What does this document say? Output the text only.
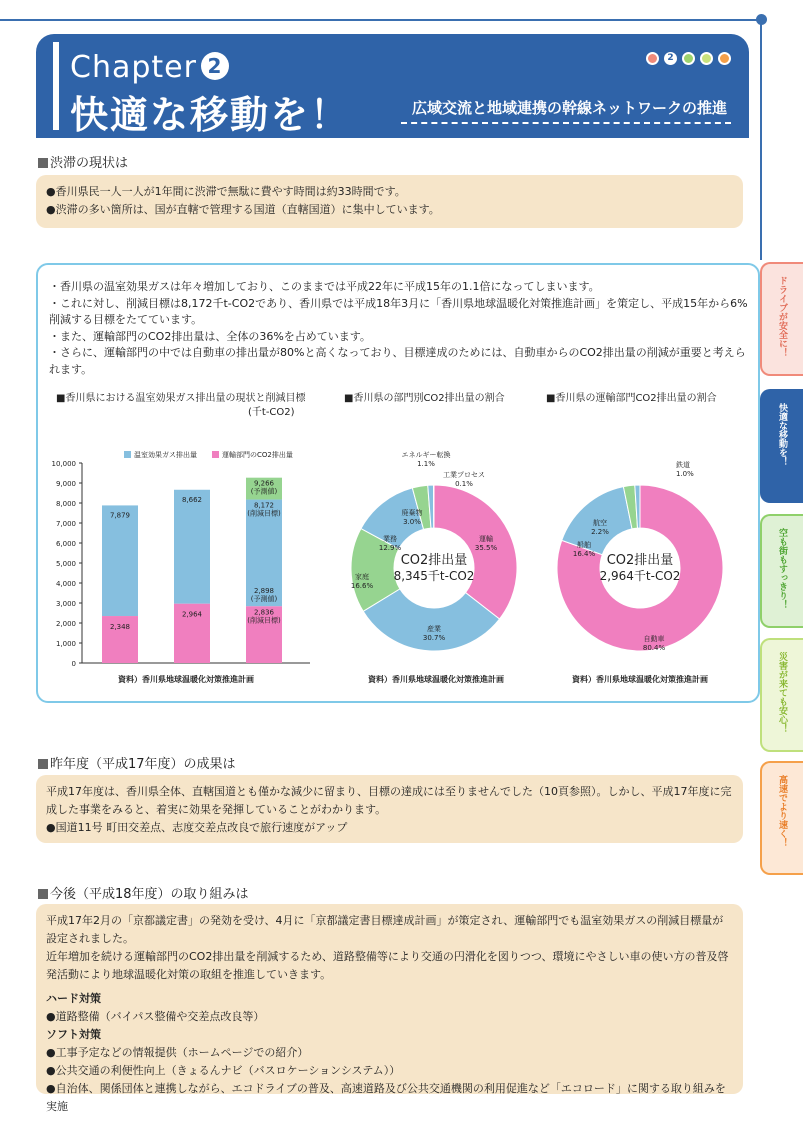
Chapter 2
快適な移動を！	広域交流と地域連携の幹線ネットワークの推進
2
渋滞の現状は
●香川県民一人一人が1年間に渋滞で無駄に費やす時間は約33時間です。
●渋滞の多い箇所は、国が直轄で管理する国道（直轄国道）に集中しています。
・香川県の温室効果ガスは年々増加しており、このままでは平成22年に平成15年の1.1倍になってしまいます。
・これに対し、削減目標は8,172千t-CO2であり、香川県では平成18年3月に「香川県地球温暖化対策推進計画」を策定し、平成15年から6%削減する目標をたてています。
・また、運輸部門のCO2排出量は、全体の36%を占めています。
・さらに、運輸部門の中では自動車の排出量が80%と高くなっており、目標達成のためには、自動車からのCO2排出量の削減が重要と考えられます。
■香川県における温室効果ガス排出量の現状と削減目標
(千t-CO2)
■香川県の部門別CO2排出量の割合	■香川県の運輸部門CO2排出量の割合
0
1,000
2,000
3,000
4,000
5,000
6,000
7,000
8,000
9,000
10,000
温室効果ガス排出量	運輸部門のCO2排出量
7,879
2,348
8,662
2,964
9,266
(予測値)
8,172
(削減目標)
2,898
(予測値)
2,836
(削減目標)
運輸
35.5%
産業
30.7%
家庭
16.6%
業務
12.9%
廃棄物
3.0%
エネルギー転換
1.1%
工業プロセス
0.1%
CO2排出量
8,345千t-CO2
自動車
80.4%
船舶
16.4%
航空
2.2%
鉄道
1.0%
CO2排出量
2,964千t-CO2
資料）香川県地球温暖化対策推進計画	資料）香川県地球温暖化対策推進計画	資料）香川県地球温暖化対策推進計画
昨年度（平成17年度）の成果は
平成17年度は、香川県全体、直轄国道とも僅かな減少に留まり、目標の達成には至りませんでした（10頁参照）。しかし、平成17年度に完成した事業をみると、着実に効果を発揮していることがわかります。
●国道11号 町田交差点、志度交差点改良で旅行速度がアップ
今後（平成18年度）の取り組みは
平成17年2月の「京都議定書」の発効を受け、4月に「京都議定書目標達成計画」が策定され、運輸部門でも温室効果ガスの削減目標量が設定されました。
近年増加を続ける運輸部門のCO2排出量を削減するため、道路整備等により交通の円滑化を図りつつ、環境にやさしい車の使い方の普及啓発活動により地球温暖化対策の取組を推進していきます。
ハード対策
●道路整備（バイパス整備や交差点改良等）
ソフト対策
●工事予定などの情報提供（ホームページでの紹介）
●公共交通の利便性向上（きょるんナビ（バスロケーションシステム））
●自治体、関係団体と連携しながら、エコドライブの普及、高速道路及び公共交通機関の利用促進など「エコロード」に関する取り組みを実施
ドライブが安全に！
快適な移動を！
空も街もすっきり！
災害が来ても安心！
高速でより速く！
